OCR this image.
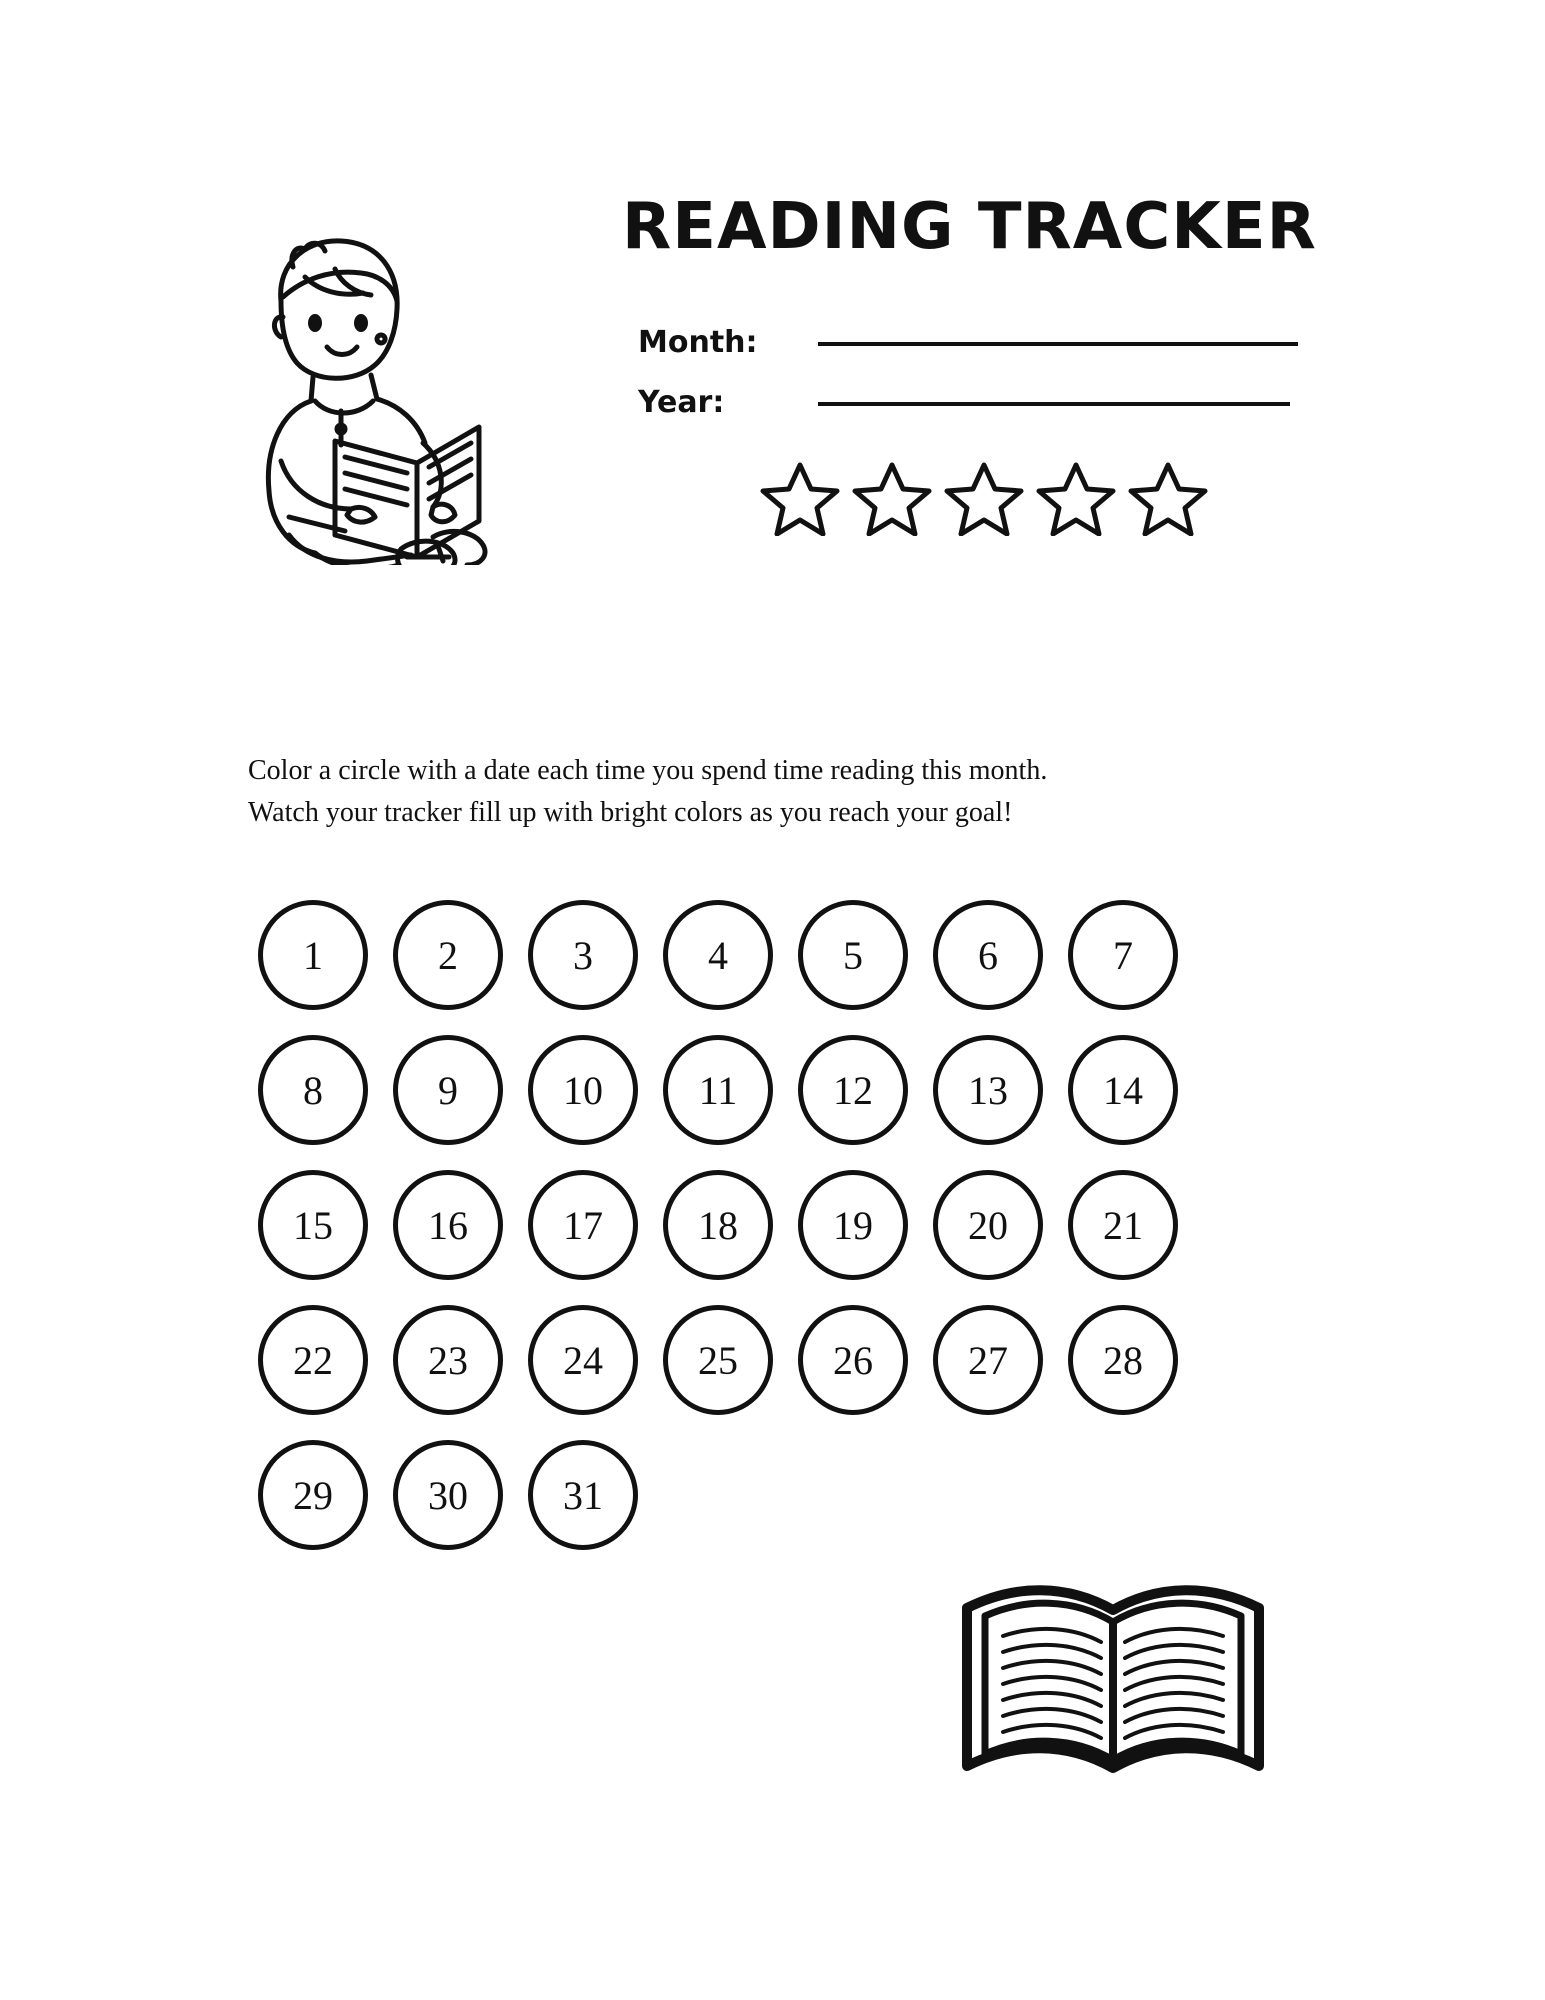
READING TRACKER
Month:
Year:
Color a circle with a date each time you spend time reading this month.
Watch your tracker fill up with bright colors as you reach your goal!
1	2	3	4	5	6	7
8	9	10	11	12	13	14
15	16	17	18	19	20	21
22	23	24	25	26	27	28
29	30	31
